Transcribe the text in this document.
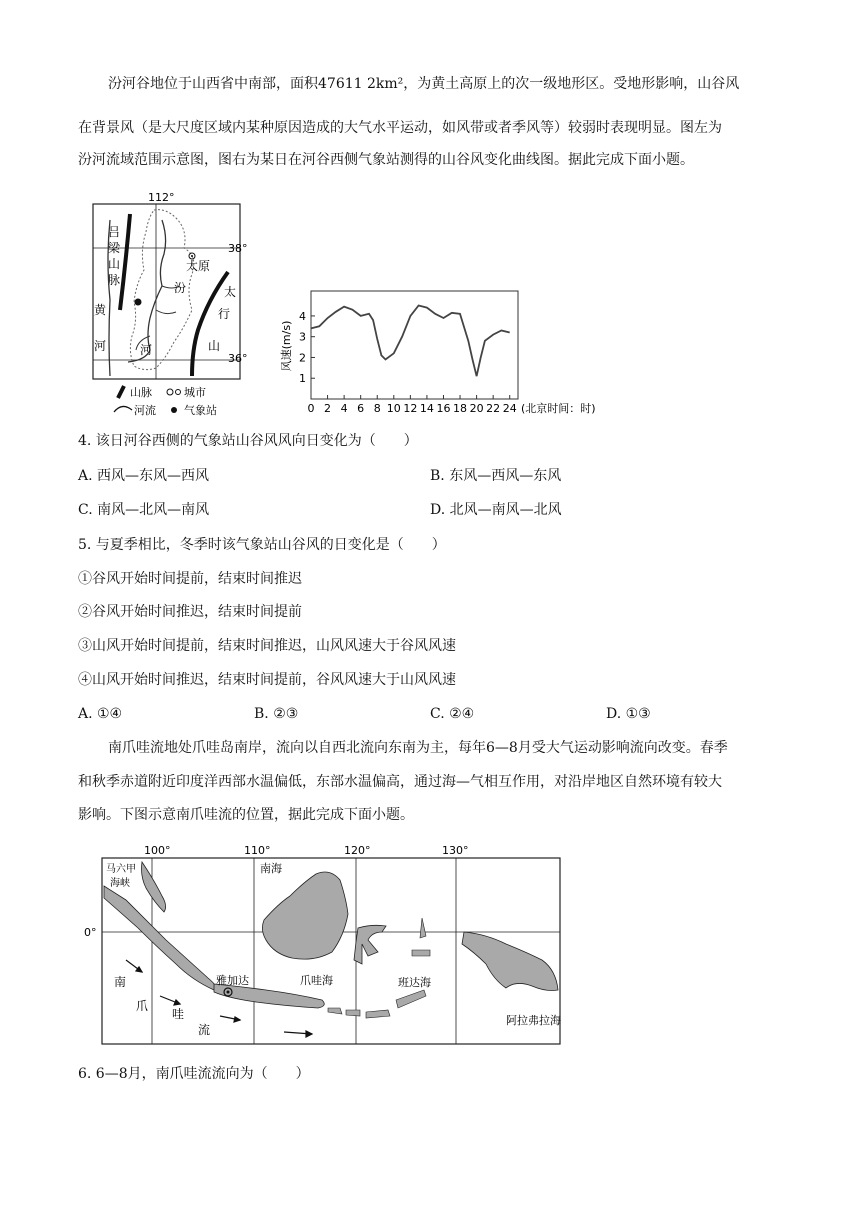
汾河谷地位于山西省中南部，面积47611 2km²，为黄土高原上的次一级地形区。受地形影响，山谷风
在背景风（是大尺度区域内某种原因造成的大气水平运动，如风带或者季风等）较弱时表现明显。图左为
汾河流域范围示意图，图右为某日在河谷西侧气象站测得的山谷风变化曲线图。据此完成下面小题。
112°
38°
36°
吕
梁
山
脉
太原
汾	太
行
山
黄
河	河
山脉	城市
河流	气象站
1
2
3
4
0 2 4 6 8 10 12 14 16 18 20 22 24
风速(m/s)
(北京时间：时)
4. 该日河谷西侧的气象站山谷风风向日变化为（　　）
A. 西风—东风—西风	B. 东风—西风—东风
C. 南风—北风—南风	D. 北风—南风—北风
5. 与夏季相比，冬季时该气象站山谷风的日变化是（　　）
①谷风开始时间提前，结束时间推迟
②谷风开始时间推迟，结束时间提前
③山风开始时间提前，结束时间推迟，山风风速大于谷风风速
④山风开始时间推迟，结束时间提前，谷风风速大于山风风速
A. ①④	B. ②③	C. ②④	D. ①③
南爪哇流地处爪哇岛南岸，流向以自西北流向东南为主，每年6—8月受大气运动影响流向改变。春季
和秋季赤道附近印度洋西部水温偏低，东部水温偏高，通过海—气相互作用，对沿岸地区自然环境有较大
影响。下图示意南爪哇流的位置，据此完成下面小题。
100°	110°	120°	130°
0°
马六甲
海峡
南海
雅加达	爪哇海	班达海
阿拉弗拉海
南
爪
哇
流
6. 6—8月，南爪哇流流向为（　　）
